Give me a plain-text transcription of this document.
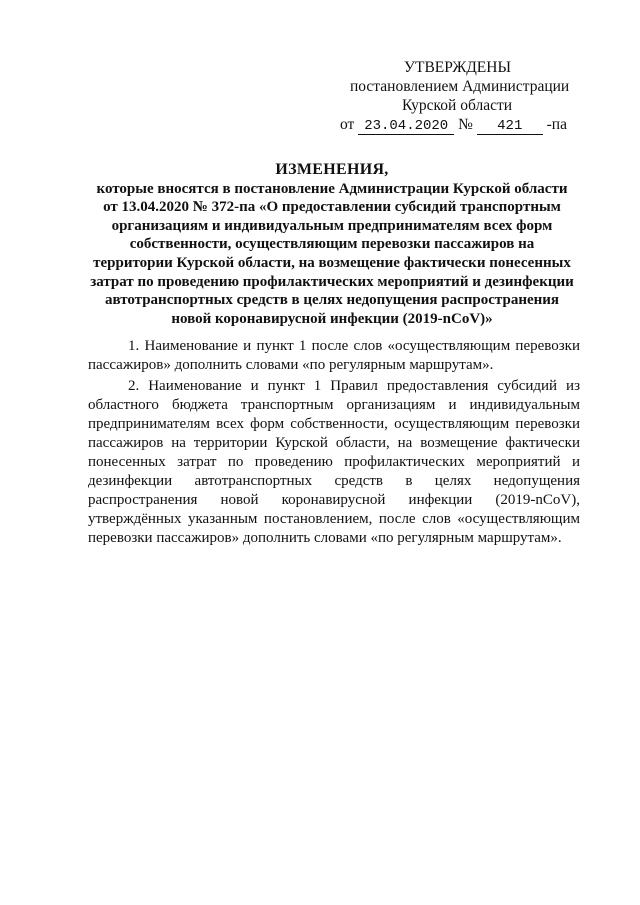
УТВЕРЖДЕНЫ
постановлением Администрации
Курской области
от 23.04.2020 № 421 -па
ИЗМЕНЕНИЯ,
которые вносятся в постановление Администрации Курской области
от 13.04.2020 № 372-па «О предоставлении субсидий транспортным
организациям и индивидуальным предпринимателям всех форм
собственности, осуществляющим перевозки пассажиров на
территории Курской области, на возмещение фактически понесенных
затрат по проведению профилактических мероприятий и дезинфекции
автотранспортных средств в целях недопущения распространения
новой коронавирусной инфекции (2019-nCoV)»

1. Наименование и пункт 1 после слов «осуществляющим перевозки пассажиров» дополнить словами «по регулярным маршрутам».

2. Наименование и пункт 1 Правил предоставления субсидий из областного бюджета транспортным организациям и индивидуальным предпринимателям всех форм собственности, осуществляющим перевозки пассажиров на территории Курской области, на возмещение фактически понесенных затрат по проведению профилактических мероприятий и дезинфекции автотранспортных средств в целях недопущения распространения новой коронавирусной инфекции (2019-nCoV), утверждённых указанным постановлением, после слов «осуществляющим перевозки пассажиров» дополнить словами «по регулярным маршрутам».
